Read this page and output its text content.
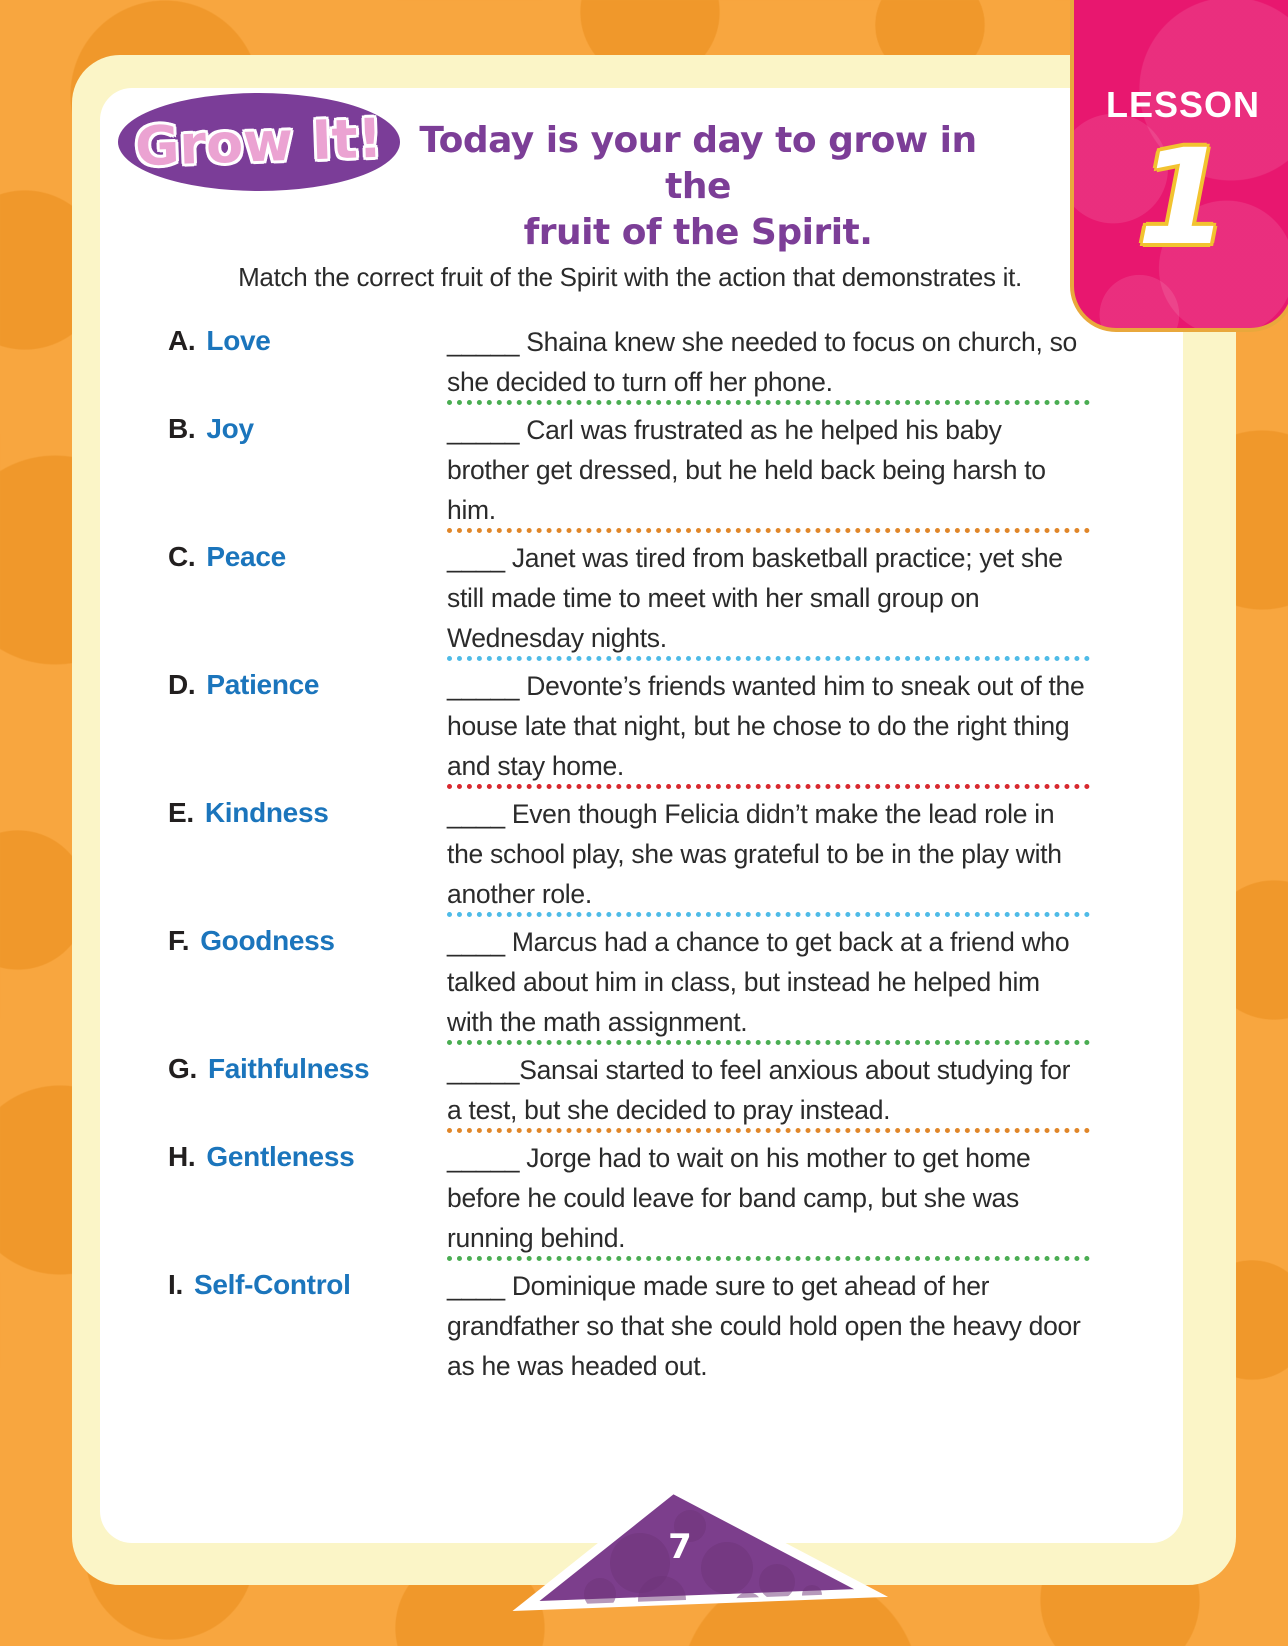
Grow It! Today is your day to grow in the
fruit of the Spirit.
Match the correct fruit of the Spirit with the action that demonstrates it.
A. Love	_____ Shaina knew she needed to focus on church, so she decided to turn off her phone.
B. Joy	_____ Carl was frustrated as he helped his baby brother get dressed, but he held back being harsh to him.
C. Peace	____ Janet was tired from basketball practice; yet she still made time to meet with her small group on Wednesday nights.
D. Patience	_____ Devonte’s friends wanted him to sneak out of the house late that night, but he chose to do the right thing and stay home.
E. Kindness	____ Even though Felicia didn’t make the lead role in the school play, she was grateful to be in the play with another role.
F. Goodness	____ Marcus had a chance to get back at a friend who talked about him in class, but instead he helped him with the math assignment.
G. Faithfulness	_____Sansai started to feel anxious about studying for a test, but she decided to pray instead.
H. Gentleness	_____ Jorge had to wait on his mother to get home before he could leave for band camp, but she was running behind.
I. Self-Control	____ Dominique made sure to get ahead of her grandfather so that she could hold open the heavy door as he was headed out.
LESSON
1
7
